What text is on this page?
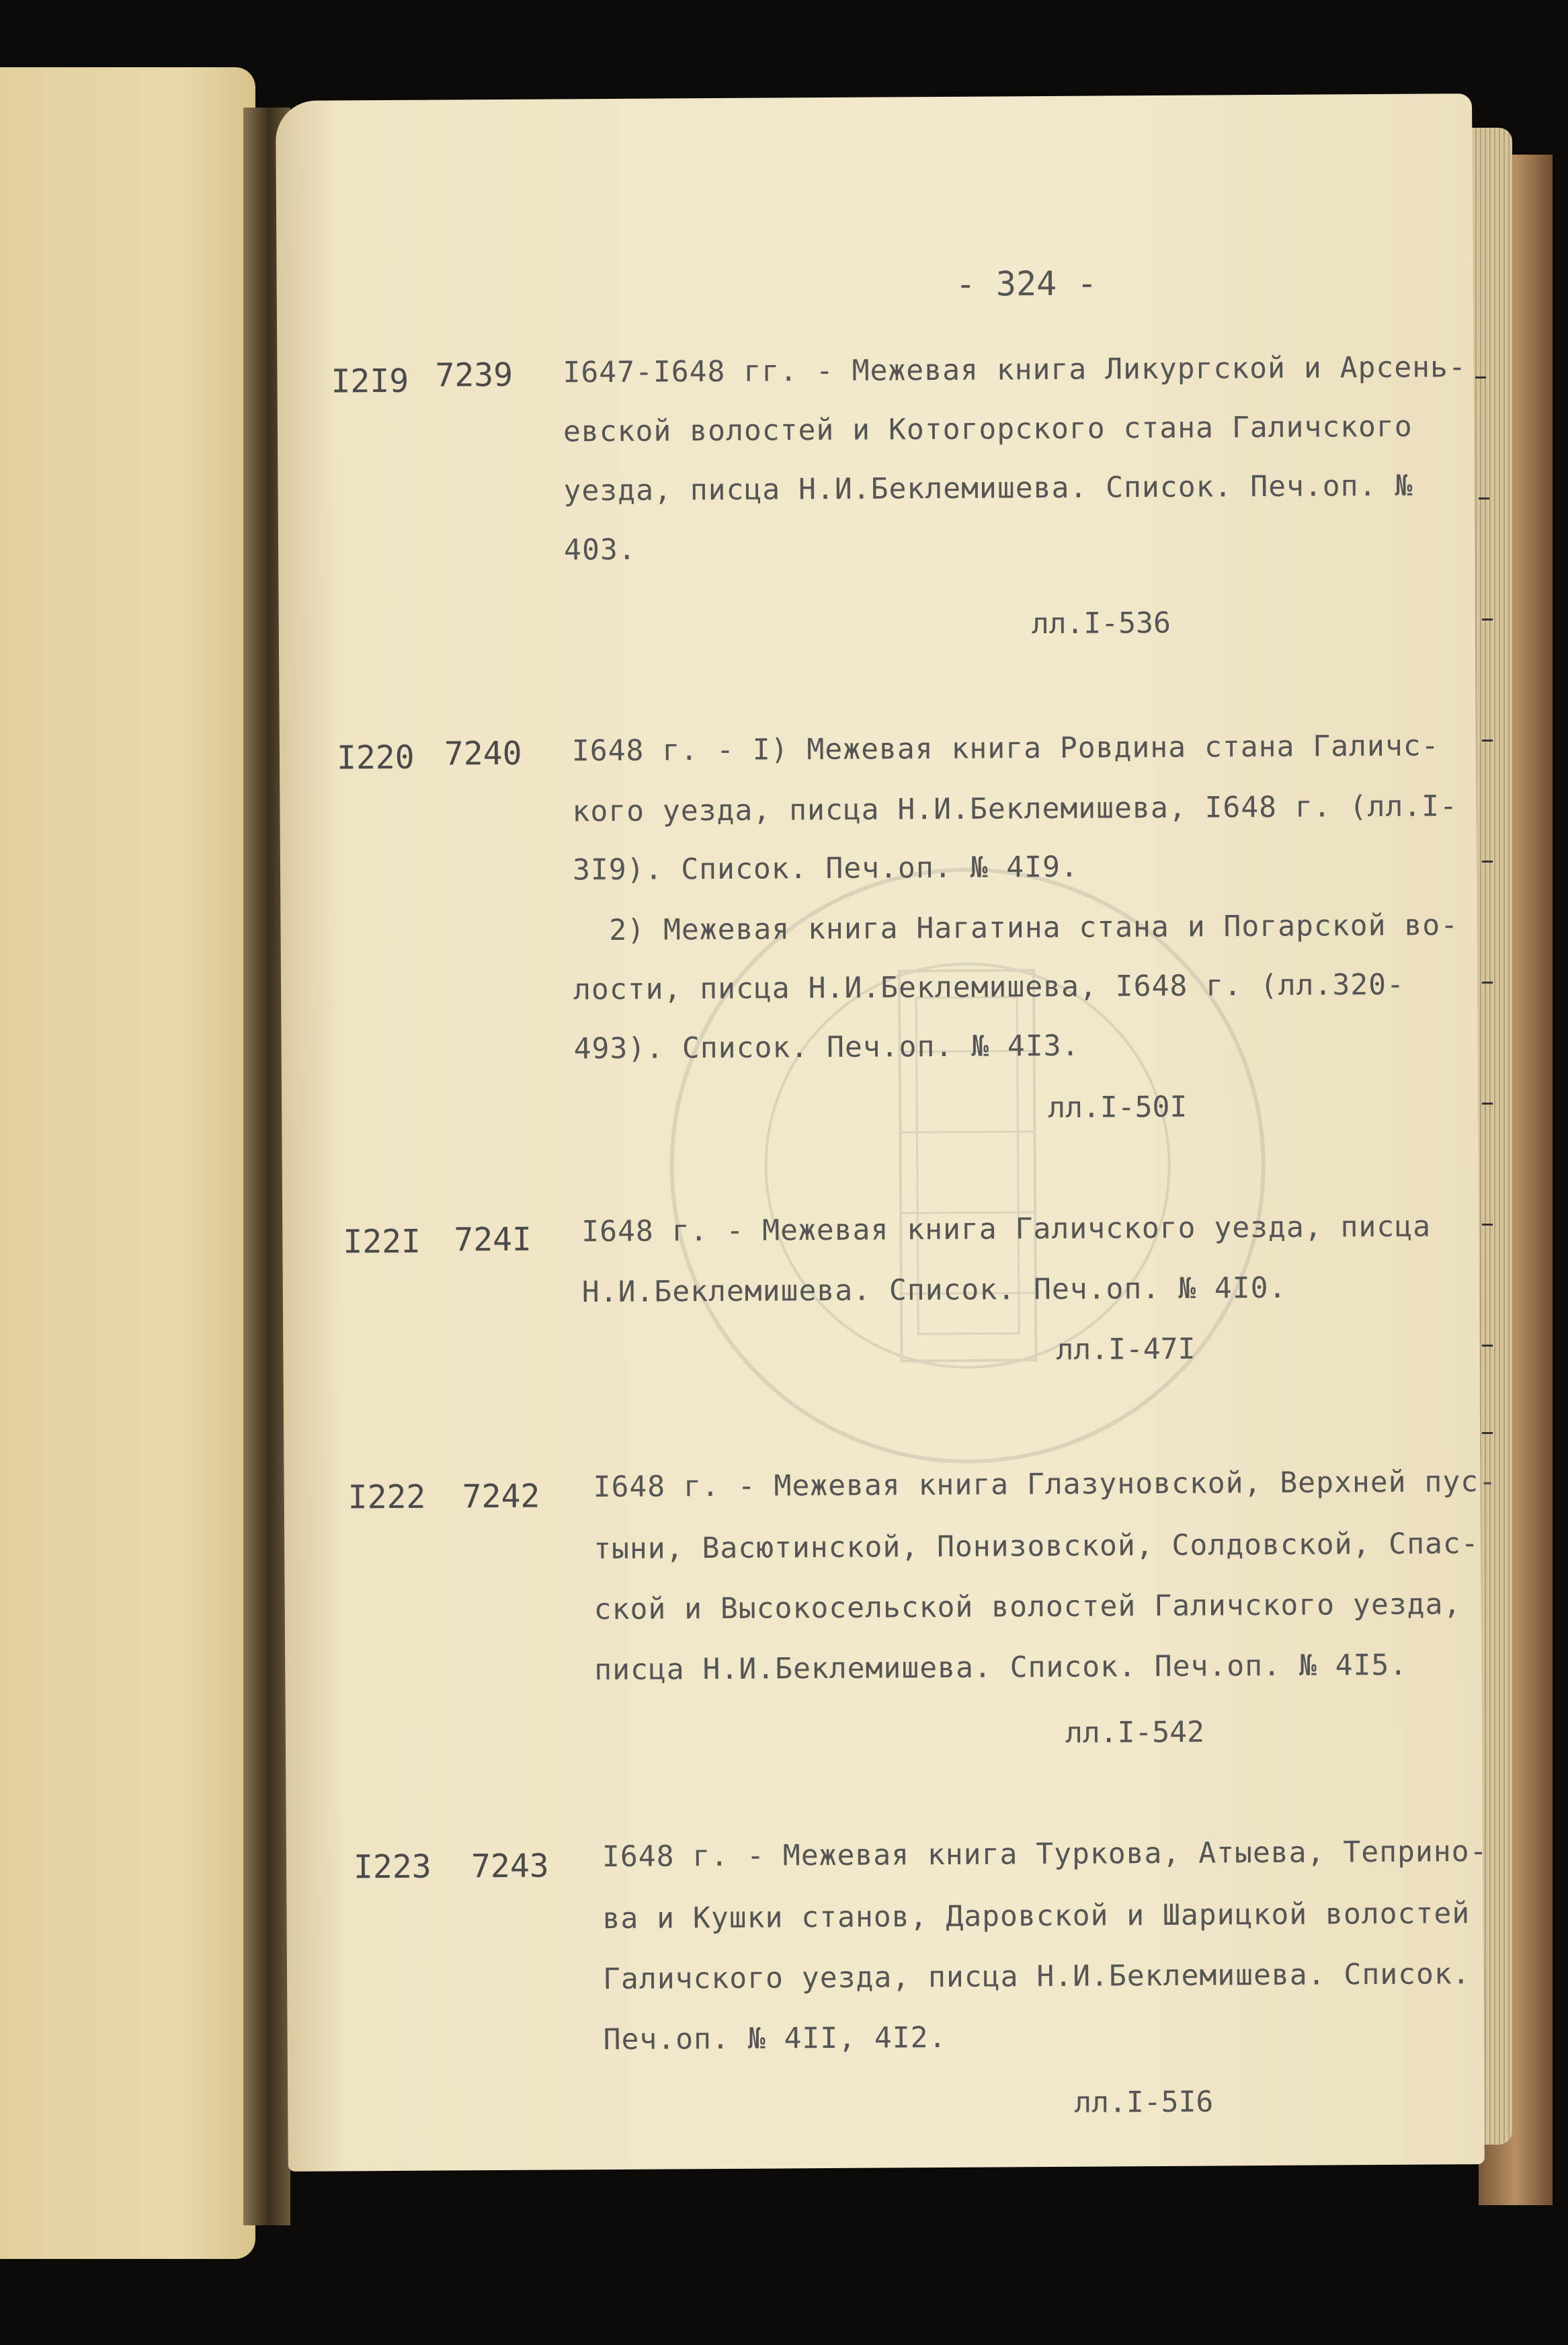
- 324 -
I2I9 7239 I647-I648 гг. - Межевая книга Ликургской и Арсень-
евской волостей и Котогорского стана Галичского
уезда, писца Н.И.Беклемишева. Список. Печ.оп. №
403.
лл.I-536
I220 7240 I648 г. - I) Межевая книга Ровдина стана Галичс-
кого уезда, писца Н.И.Беклемишева, I648 г. (лл.I-
3I9). Список. Печ.оп. № 4I9.
2) Межевая книга Нагатина стана и Погарской во-
лости, писца Н.И.Беклемишева, I648 г. (лл.320-
493). Список. Печ.оп. № 4I3.
лл.I-50I
I22I 724I I648 г. - Межевая книга Галичского уезда, писца
Н.И.Беклемишева. Список. Печ.оп. № 4I0.
лл.I-47I
I222 7242 I648 г. - Межевая книга Глазуновской, Верхней пус-
тыни, Васютинской, Понизовской, Солдовской, Спас-
ской и Высокосельской волостей Галичского уезда,
писца Н.И.Беклемишева. Список. Печ.оп. № 4I5.
лл.I-542
I223 7243 I648 г. - Межевая книга Туркова, Атыева, Теприно-
ва и Кушки станов, Даровской и Шарицкой волостей
Галичского уезда, писца Н.И.Беклемишева. Список.
Печ.оп. № 4II, 4I2.
лл.I-5I6
